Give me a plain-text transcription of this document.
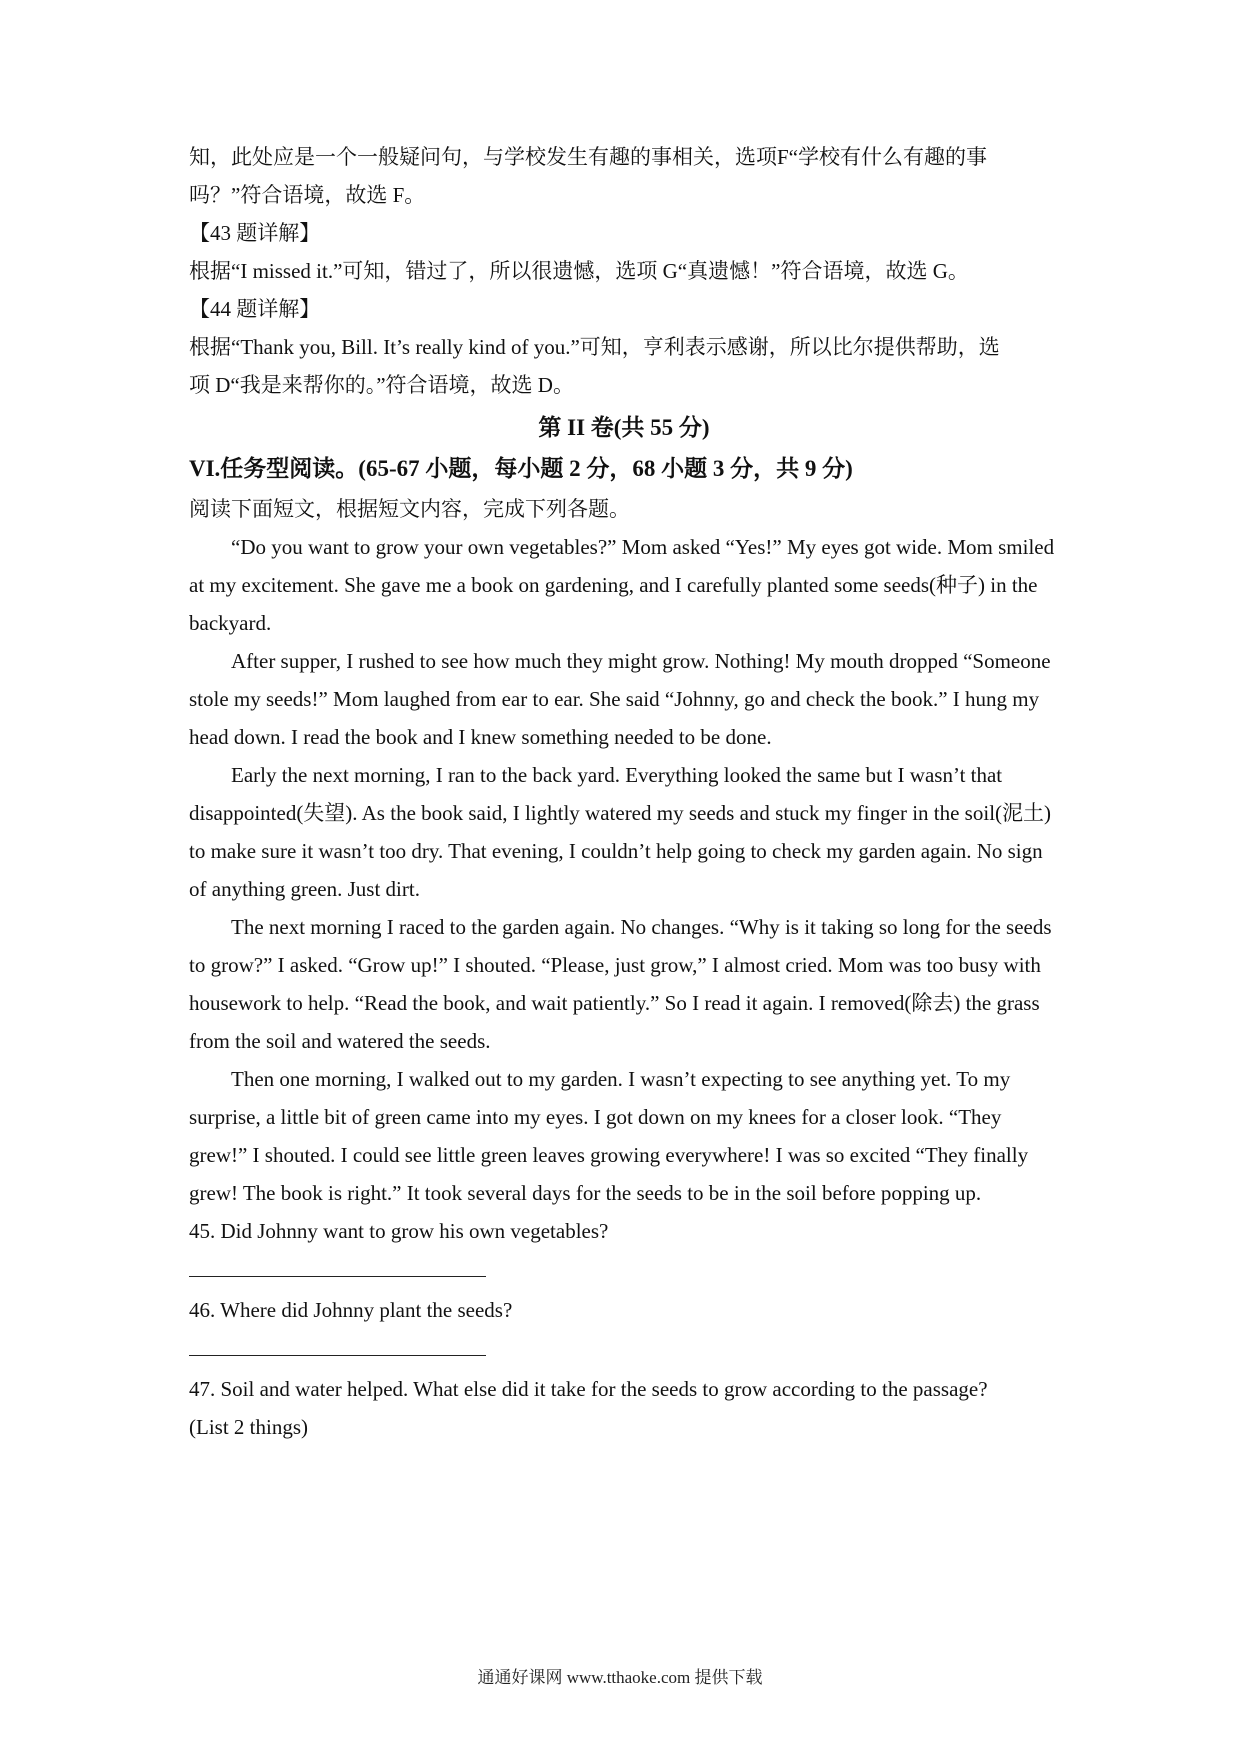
知，此处应是一个一般疑问句，与学校发生有趣的事相关，选项F“学校有什么有趣的事

吗？”符合语境，故选 F。

【43 题详解】

根据“I missed it.”可知，错过了，所以很遗憾，选项 G“真遗憾！”符合语境，故选 G。

【44 题详解】

根据“Thank you, Bill. It’s really kind of you.”可知，亨利表示感谢，所以比尔提供帮助，选

项 D“我是来帮你的。”符合语境，故选 D。

第 II 卷(共 55 分)

VI.任务型阅读。(65-67 小题，每小题 2 分，68 小题 3 分，共 9 分)

阅读下面短文，根据短文内容，完成下列各题。

“Do you want to grow your own vegetables?” Mom asked “Yes!” My eyes got wide. Mom smiled at my excitement. She gave me a book on gardening, and I carefully planted some seeds(种子) in the backyard.

After supper, I rushed to see how much they might grow. Nothing! My mouth dropped “Someone stole my seeds!” Mom laughed from ear to ear. She said “Johnny, go and check the book.” I hung my head down. I read the book and I knew something needed to be done.

Early the next morning, I ran to the back yard. Everything looked the same but I wasn’t that disappointed(失望). As the book said, I lightly watered my seeds and stuck my finger in the soil(泥土) to make sure it wasn’t too dry. That evening, I couldn’t help going to check my garden again. No sign of anything green. Just dirt.

The next morning I raced to the garden again. No changes. “Why is it taking so long for the seeds to grow?” I asked. “Grow up!” I shouted. “Please, just grow,” I almost cried. Mom was too busy with housework to help. “Read the book, and wait patiently.” So I read it again. I removed(除去) the grass from the soil and watered the seeds.

Then one morning, I walked out to my garden. I wasn’t expecting to see anything yet. To my surprise, a little bit of green came into my eyes. I got down on my knees for a closer look. “They grew!” I shouted. I could see little green leaves growing everywhere! I was so excited “They finally grew! The book is right.” It took several days for the seeds to be in the soil before popping up.

45. Did Johnny want to grow his own vegetables?

46. Where did Johnny plant the seeds?

47. Soil and water helped. What else did it take for the seeds to grow according to the passage?

(List 2 things)

通通好课网 www.tthaoke.com 提供下载
